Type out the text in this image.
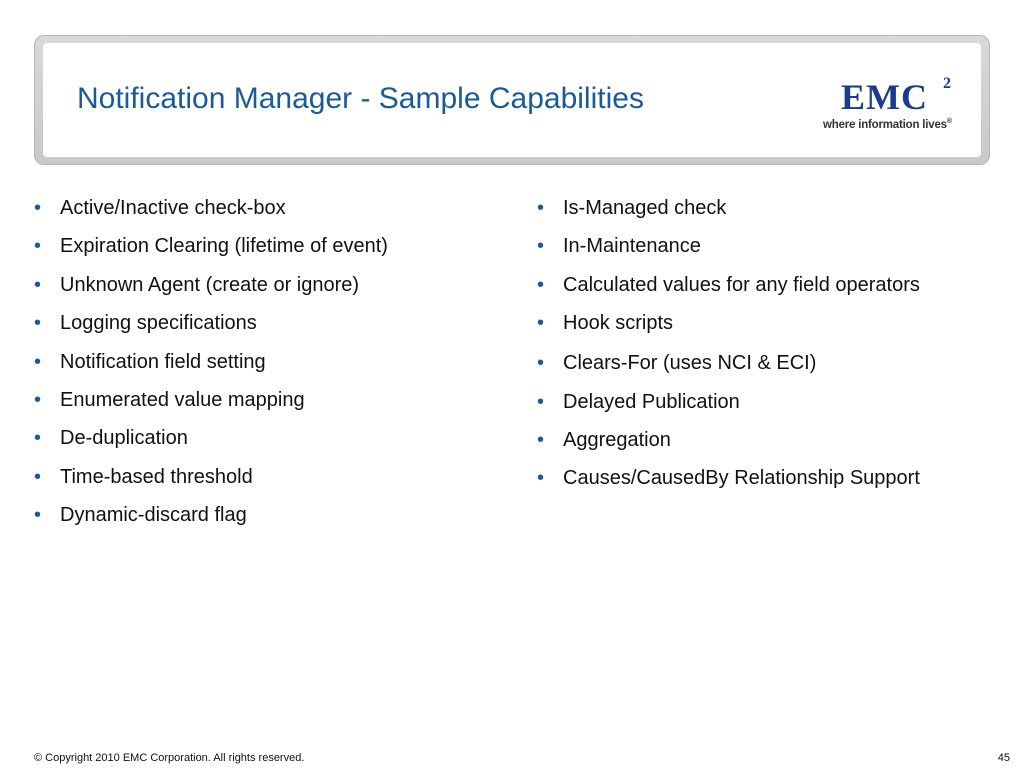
Notification Manager - Sample Capabilities	EMC 2
where information lives®
• Active/Inactive check-box
• Expiration Clearing (lifetime of event)
• Unknown Agent (create or ignore)
• Logging specifications
• Notification field setting
• Enumerated value mapping
• De-duplication
• Time-based threshold
• Dynamic-discard flag
• Is-Managed check
• In-Maintenance
• Calculated values for any field operators
• Hook scripts
• Clears-For (uses NCI & ECI)
• Delayed Publication
• Aggregation
• Causes/CausedBy Relationship Support
© Copyright 2010 EMC Corporation. All rights reserved.	45
